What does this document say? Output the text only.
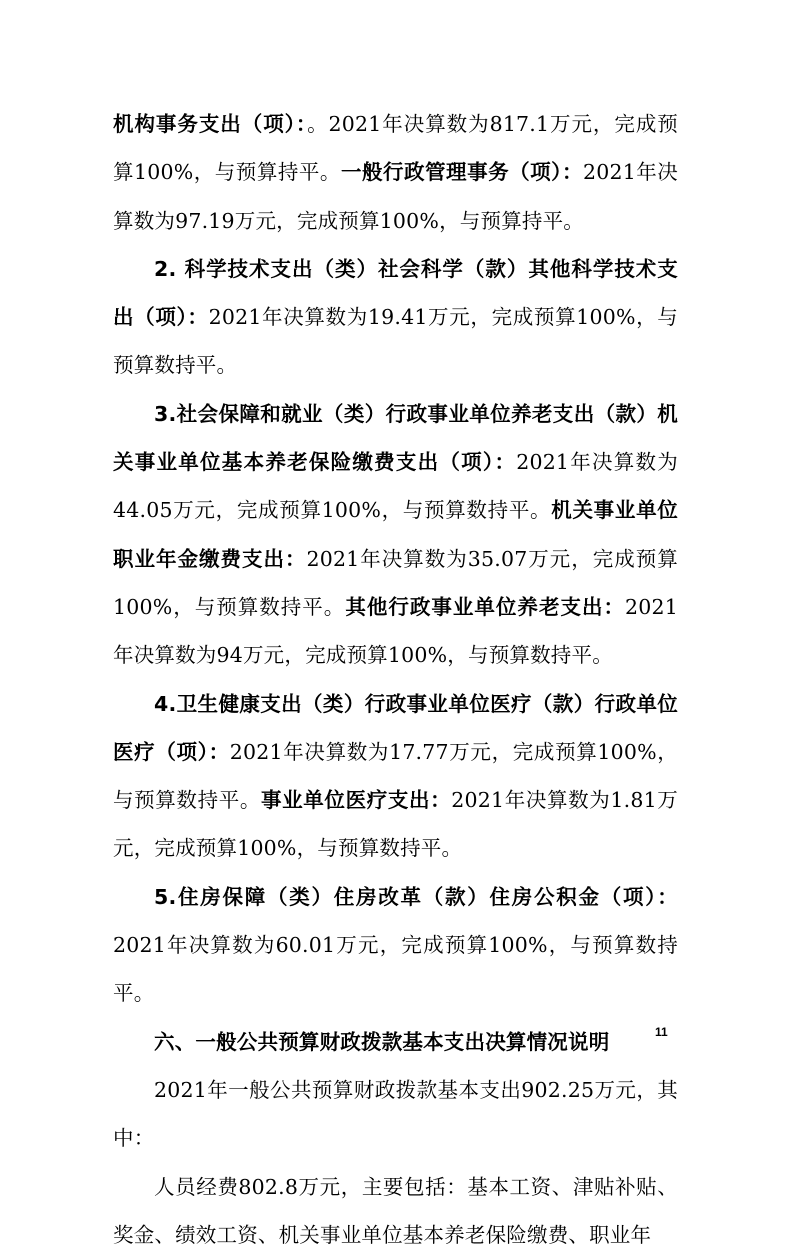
机构事务支出（项）：。2021年决算数为817.1万元，完成预算100%，与预算持平。一般行政管理事务（项）：2021年决算数为97.19万元，完成预算100%，与预算持平。

2. 科学技术支出（类）社会科学（款）其他科学技术支出（项）：2021年决算数为19.41万元，完成预算100%，与预算数持平。

3.社会保障和就业（类）行政事业单位养老支出（款）机关事业单位基本养老保险缴费支出（项）：2021年决算数为44.05万元，完成预算100%，与预算数持平。机关事业单位职业年金缴费支出：2021年决算数为35.07万元，完成预算100%，与预算数持平。其他行政事业单位养老支出：2021年决算数为94万元，完成预算100%，与预算数持平。

4.卫生健康支出（类）行政事业单位医疗（款）行政单位医疗（项）：2021年决算数为17.77万元，完成预算100%，与预算数持平。事业单位医疗支出：2021年决算数为1.81万元，完成预算100%，与预算数持平。

5.住房保障（类）住房改革（款）住房公积金（项）：2021年决算数为60.01万元，完成预算100%，与预算数持平。

六、一般公共预算财政拨款基本支出决算情况说明

2021年一般公共预算财政拨款基本支出902.25万元，其中：

人员经费802.8万元，主要包括：基本工资、津贴补贴、奖金、绩效工资、机关事业单位基本养老保险缴费、职业年

11
